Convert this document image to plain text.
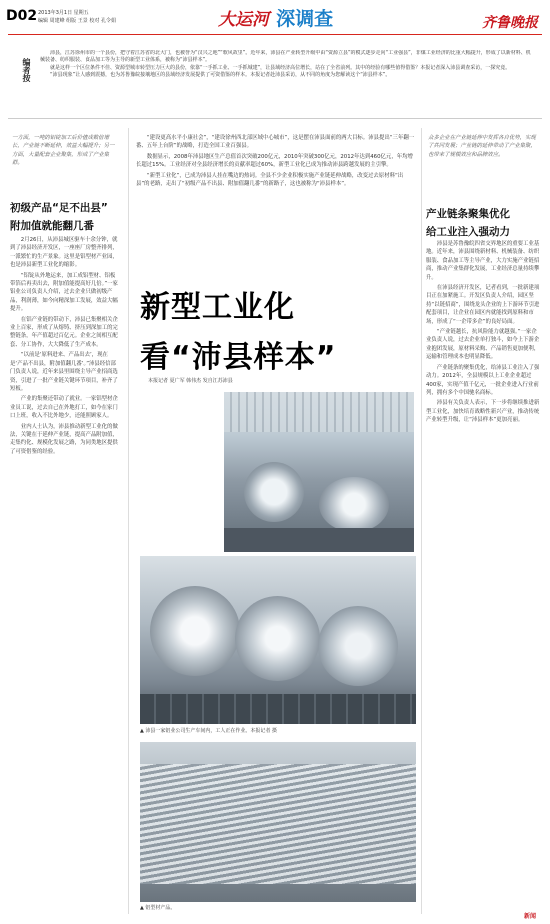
D02 2013年3月1日 星期五
编辑 周建峰 组版 王景 校对 孔令娟	大运河 深调查	齐鲁晚报
编者按

沛县，江苏徐州市的一个县份，把守着江苏省的北大门，也被誉为“汉兴之地”“歌风故里”。近年来，沛县在产业转型升级中由“资源立县”的模式逐步走向“工业强县”，非煤工业经济的比重大幅提升，形成了以新材料、机械装备、纺织服装、食品加工等为主导的新型工业体系，被称为“沛县样本”。

就是这样一个区位条件不佳、资源型城市转型压力巨大的县份，依靠“一手抓工业、一手抓城建”，让县域经济高位增长，站在了全省前列。其中的经验有哪些值得借鉴？本报记者深入沛县调查采访，一探究竟。

“沛县现象”让人感到震撼，也为苏鲁豫皖接壤地区的县域经济发展提供了可资借鉴的样本。本报记者赴沛县采访，从不同的角度为您解读这个“沛县样本”。

一方面，一吨的铝锭加工后价值成数倍增长，产业链不断延伸，效益大幅提升；另一方面，大量配套企业聚集，形成了产业集群。
初级产品“足不出县”
附加值就能翻几番

2月26日，从沛县城区驱车十余分钟，就到了沛县经济开发区，一座座厂房整齐排列，一派繁忙的生产景象。这里是铝型材产业园，也是沛县新型工业化的缩影。

“铝锭从外地运来，加工成铝型材、铝板带箔后再卖出去，附加值能提高好几倍。”一家铝业公司负责人介绍，过去企业只做初级产品，利润薄，如今向精深加工发展，效益大幅提升。

在铝产业链的带动下，沛县已集聚相关企业上百家，形成了从熔铸、挤压到深加工的完整链条，年产值超过百亿元。企业之间相互配套、分工协作，大大降低了生产成本。

“以前是‘原料进来、产品出去’，现在是‘产品不出县，附加值翻几番’。”沛县经信部门负责人说，近年来县里围绕主导产业招商选资，引进了一批产业链关键环节项目，补齐了短板。

产业的集聚还带动了就业。一家铝型材企业员工说，过去自己在外地打工，如今在家门口上班，收入不比外地少，还能照顾家人。

业内人士认为，沛县推动新型工业化的做法，关键在于延伸产业链，提高产品附加值，走集约化、规模化发展之路，为同类地区提供了可资借鉴的经验。

“建设更高水平小康社会”，“建设徐州西北部区域中心城市”，这是摆在沛县面前的两大目标。沛县提出“三年翻一番、五年上台阶”的战略，打造全国工业百强县。

数据显示，2008年沛县地区生产总值首次突破200亿元，2010年突破300亿元，2012年达到460亿元，年均增长超过15%。工业经济对全县经济增长的贡献率超过60%，新型工业化已成为推动沛县跨越发展的主引擎。

“新型工业化”，已成为沛县人挂在嘴边的热词。全县不少企业积极实施产业链延伸战略，改变过去原材料“出县”的老路，走出了“初级产品不出县、附加值翻几番”的新路子，这也被称为“沛县样本”。

新型工业化
看“沛县样本”
本报记者 夏广军 韩伟杰 发自江苏沛县
▲ 沛县一家铝业公司生产车间内，工人正在作业。本报记者 摄
▲ 铝型材产品。
众多企业在产业链延伸中发挥各自优势，实现了共同发展；产业链的延伸带动了产业集聚，也带来了规模效应和品牌效应。
产业链条聚集优化
给工业注入强动力

沛县是苏鲁豫皖四省交界地区的重要工业基地。近年来，沛县围绕新材料、机械装备、纺织服装、食品加工等主导产业，大力实施产业链招商，推动产业集群化发展，工业经济总量持续攀升。

在沛县经济开发区，记者看到，一批新建项目正在加紧施工。开发区负责人介绍，园区坚持“以链招商”，围绕龙头企业的上下游环节引进配套项目，让企业在园区内就能找到原料和市场，形成了“一企带多企”的良好局面。

“产业链越长，抗风险能力就越强。”一家企业负责人说，过去企业单打独斗，如今上下游企业抱团发展，原材料采购、产品销售更加便利，运输和管理成本也明显降低。

产业链条的聚集优化，给沛县工业注入了强动力。2012年，全县规模以上工业企业超过400家，实现产值千亿元，一批企业进入行业前列，拥有多个中国驰名商标。

沛县有关负责人表示，下一步将继续推进新型工业化，加快培育战略性新兴产业，推动传统产业转型升级，让“沛县样本”更加亮丽。

新闻
